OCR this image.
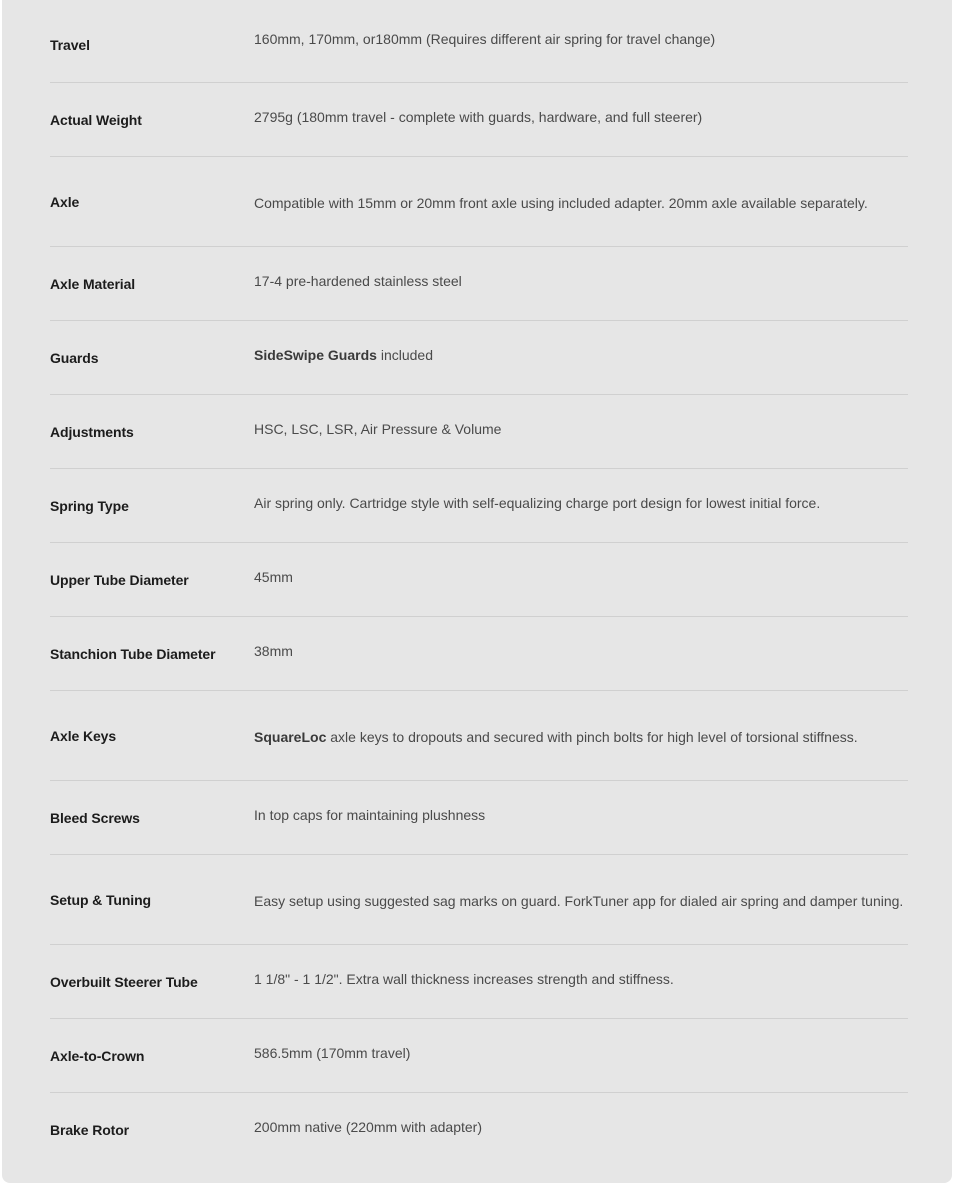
Travel	160mm, 170mm, or180mm (Requires different air spring for travel change)
Actual Weight	2795g (180mm travel - complete with guards, hardware, and full steerer)
Axle	Compatible with 15mm or 20mm front axle using included adapter. 20mm axle available separately.
Axle Material	17-4 pre-hardened stainless steel
Guards	SideSwipe Guards included
Adjustments	HSC, LSC, LSR, Air Pressure & Volume
Spring Type	Air spring only. Cartridge style with self-equalizing charge port design for lowest initial force.
Upper Tube Diameter	45mm
Stanchion Tube Diameter	38mm
Axle Keys	SquareLoc axle keys to dropouts and secured with pinch bolts for high level of torsional stiffness.
Bleed Screws	In top caps for maintaining plushness
Setup & Tuning	Easy setup using suggested sag marks on guard. ForkTuner app for dialed air spring and damper tuning.
Overbuilt Steerer Tube	1 1/8" - 1 1/2". Extra wall thickness increases strength and stiffness.
Axle-to-Crown	586.5mm (170mm travel)
Brake Rotor	200mm native (220mm with adapter)
